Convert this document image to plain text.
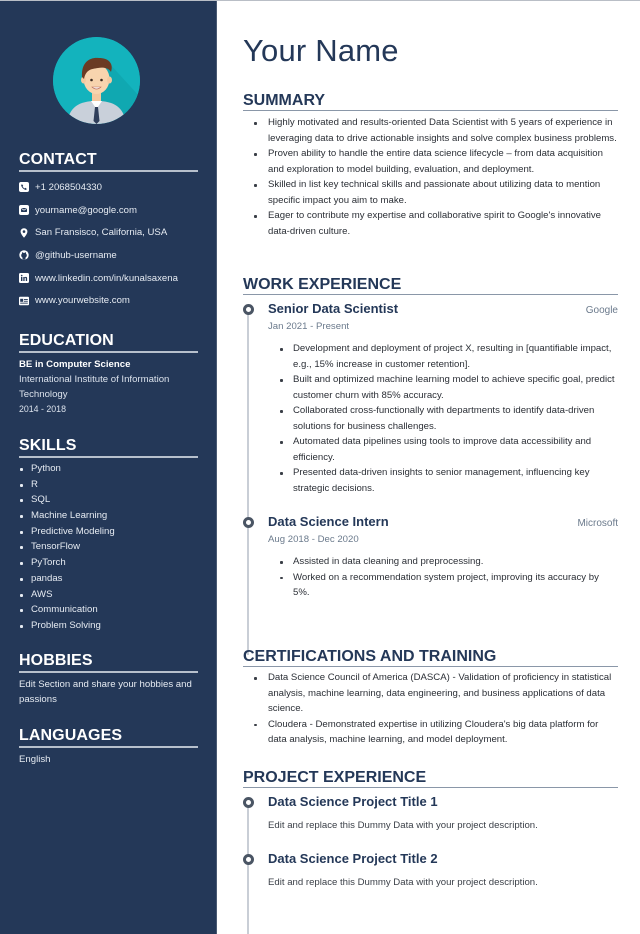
CONTACT
+1 2068504330
yourname@google.com
San Fransisco, California, USA
@github-username
www.linkedin.com/in/kunalsaxena
www.yourwebsite.com
EDUCATION
BE in Computer Science
International Institute of Information Technology
2014 - 2018
SKILLS
Python
R
SQL
Machine Learning
Predictive Modeling
TensorFlow
PyTorch
pandas
AWS
Communication
Problem Solving
HOBBIES

Edit Section and share your hobbies and passions

LANGUAGES

English

Your Name
SUMMARY
Highly motivated and results-oriented Data Scientist with 5 years of experience in leveraging data to drive actionable insights and solve complex business problems.
Proven ability to handle the entire data science lifecycle – from data acquisition and exploration to model building, evaluation, and deployment.
Skilled in list key technical skills and passionate about utilizing data to mention specific impact you aim to make.
Eager to contribute my expertise and collaborative spirit to Google's innovative data-driven culture.
WORK EXPERIENCE
Senior Data Scientist	Google
Jan 2021 - Present
Development and deployment of project X, resulting in [quantifiable impact, e.g., 15% increase in customer retention].
Built and optimized machine learning model to achieve specific goal, predict customer churn with 85% accuracy.
Collaborated cross-functionally with departments to identify data-driven solutions for business challenges.
Automated data pipelines using tools to improve data accessibility and efficiency.
Presented data-driven insights to senior management, influencing key strategic decisions.
Data Science Intern	Microsoft
Aug 2018 - Dec 2020
Assisted in data cleaning and preprocessing.
Worked on a recommendation system project, improving its accuracy by 5%.
CERTIFICATIONS AND TRAINING
Data Science Council of America (DASCA) - Validation of proficiency in statistical analysis, machine learning, data engineering, and business applications of data science.
Cloudera - Demonstrated expertise in utilizing Cloudera's big data platform for data analysis, machine learning, and model deployment.
PROJECT EXPERIENCE
Data Science Project Title 1
Edit and replace this Dummy Data with your project description.
Data Science Project Title 2
Edit and replace this Dummy Data with your project description.
